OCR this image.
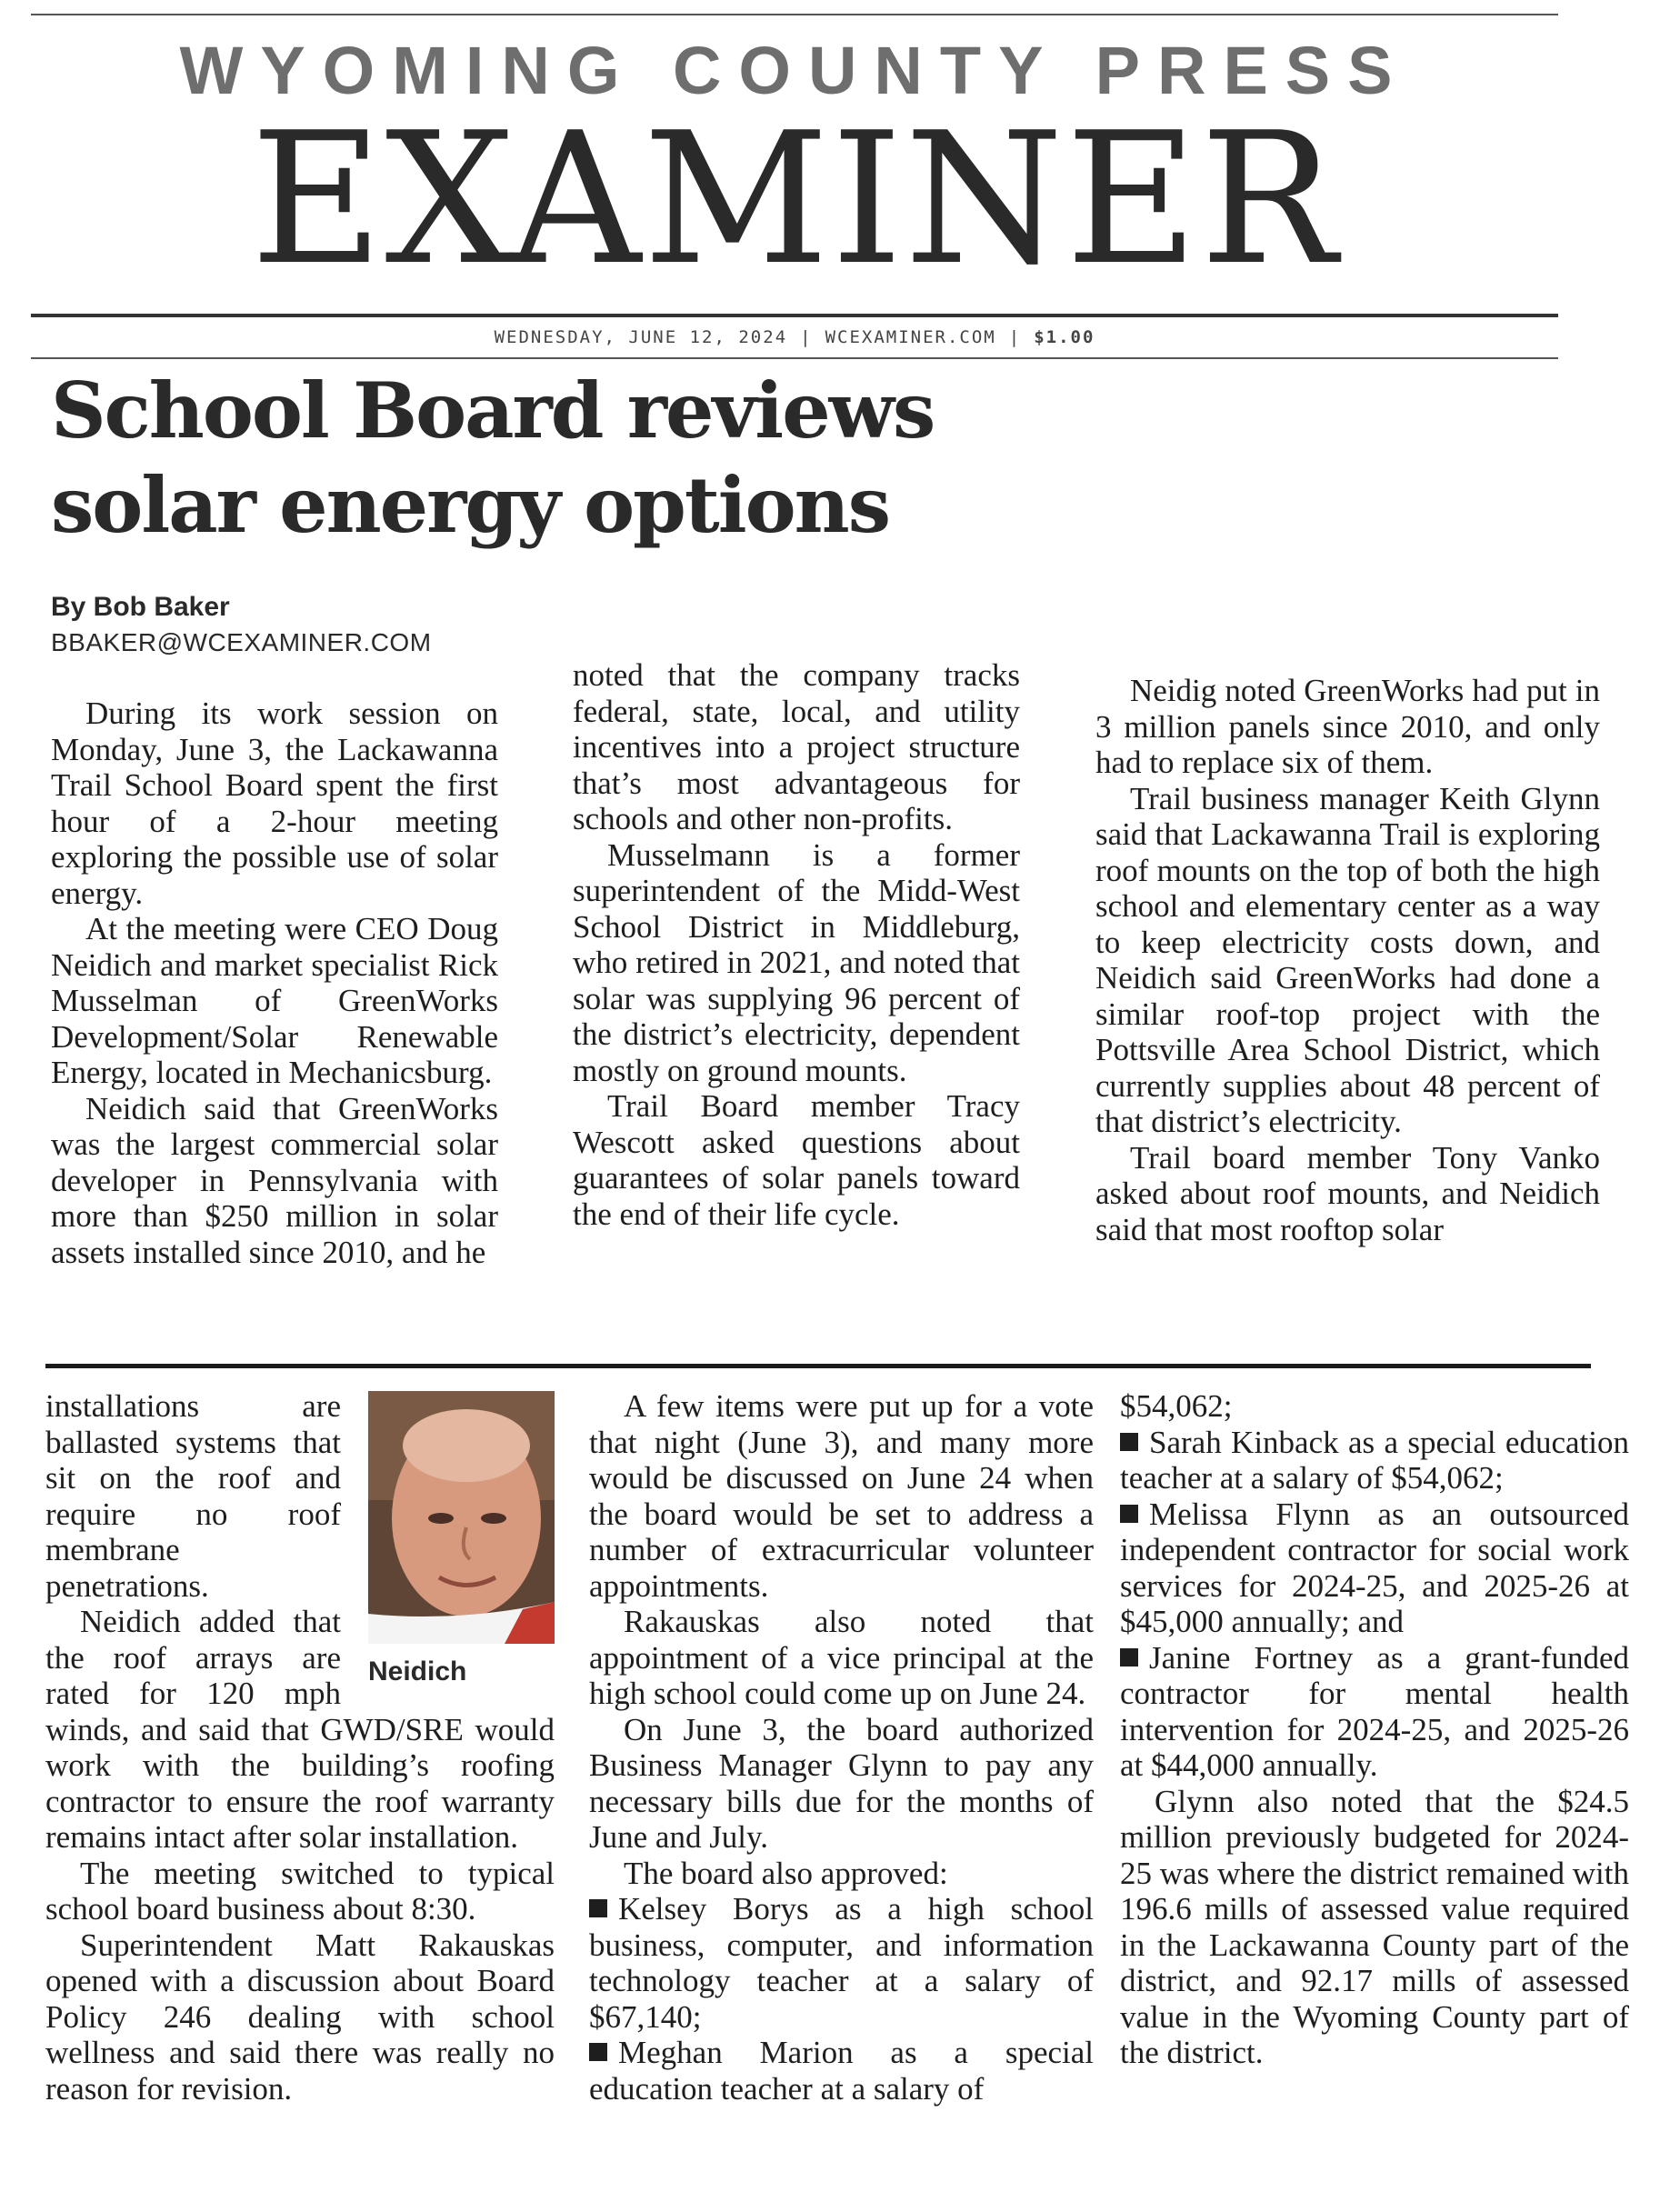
WYOMING COUNTY PRESS
EXAMINER
WEDNESDAY, JUNE 12, 2024 | WCEXAMINER.COM | $1.00
School Board reviews
solar energy options
By Bob Baker
BBAKER@WCEXAMINER.COM

During its work session on Monday, June 3, the Lackawanna Trail School Board spent the first hour of a 2-hour meeting exploring the possible use of solar energy.

At the meeting were CEO Doug Neidich and market specialist Rick Musselman of GreenWorks Development/Solar Renewable Energy, located in Mechanicsburg.

Neidich said that GreenWorks was the largest commercial solar developer in Pennsylvania with more than $250 million in solar assets installed since 2010, and he

noted that the company tracks federal, state, local, and utility incentives into a project structure that’s most advantageous for schools and other non-profits.

Musselmann is a former superintendent of the Midd-West School District in Middleburg, who retired in 2021, and noted that solar was supplying 96 percent of the district’s electricity, dependent mostly on ground mounts.

Trail Board member Tracy Wescott asked questions about guarantees of solar panels toward the end of their life cycle.

Neidig noted GreenWorks had put in 3 million panels since 2010, and only had to replace six of them.

Trail business manager Keith Glynn said that Lackawanna Trail is exploring roof mounts on the top of both the high school and elementary center as a way to keep electricity costs down, and Neidich said GreenWorks had done a similar roof-top project with the Pottsville Area School District, which currently supplies about 48 percent of that district’s electricity.

Trail board member Tony Vanko asked about roof mounts, and Neidich said that most rooftop solar

installations are ballasted systems that sit on the roof and require no roof membrane penetrations.

Neidich added that the roof arrays are rated for 120 mph winds, and said that GWD/SRE would work with the building’s roofing contractor to ensure the roof warranty remains intact after solar installation.

The meeting switched to typical school board business about 8:30.

Superintendent Matt Rakauskas opened with a discussion about Board Policy 246 dealing with school wellness and said there was really no reason for revision.

Neidich

A few items were put up for a vote that night (June 3), and many more would be discussed on June 24 when the board would be set to address a number of extracurricular volunteer appointments.

Rakauskas also noted that appointment of a vice principal at the high school could come up on June 24.

On June 3, the board authorized Business Manager Glynn to pay any necessary bills due for the months of June and July.

The board also approved:

Kelsey Borys as a high school business, computer, and information technology teacher at a salary of $67,140;

Meghan Marion as a special education teacher at a salary of

$54,062;

Sarah Kinback as a special education teacher at a salary of $54,062;

Melissa Flynn as an outsourced independent contractor for social work services for 2024-25, and 2025-26 at $45,000 annually; and

Janine Fortney as a grant-funded contractor for mental health intervention for 2024-25, and 2025-26 at $44,000 annually.

Glynn also noted that the $24.5 million previously budgeted for 2024-25 was where the district remained with 196.6 mills of assessed value required in the Lackawanna County part of the district, and 92.17 mills of assessed value in the Wyoming County part of the district.
